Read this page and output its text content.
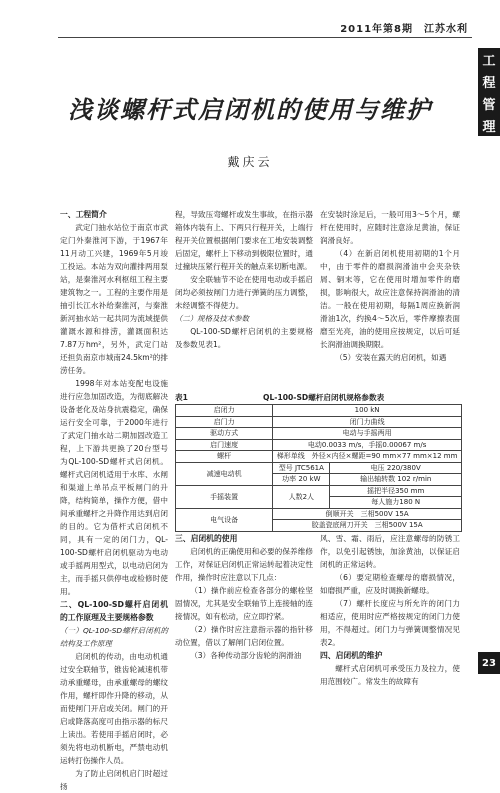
2011年第8期　江苏水利
工
程
管
理
浅谈螺杆式启闭机的使用与维护
戴庆云
一、工程简介

武定门抽水站位于南京市武定门外秦淮河下游，于1967年11月动工兴建，1969年5月竣工投运。本站为双向灌排两用泵站，是秦淮河水利枢纽工程主要建筑物之一。工程的主要作用是抽引长江水补给秦淮河，与秦淮新河抽水站一起共同为流域提供灌溉水源和排涝，灌溉面积达7.87万hm²，另外，武定门站还担负南京市城南24.5km²的排涝任务。

1998年对本站变配电设施进行应急加固改造，为彻底解决设备老化及站身抗震稳定，确保运行安全可靠，于2000年进行了武定门抽水站二期加固改造工程，上下游共更换了20台型号为QL-100-SD螺杆式启闭机。螺杆式启闭机适用于水库、水闸和渠道上单吊点平板闸门的升降，结构简单，操作方便，借中间承重螺杆之升降作用达到启闭的目的。它为借杆式启闭机不同，具有一定的闭门力，QL-100-SD螺杆启闭机驱动为电动或手摇两用型式，以电动启闭为主，而手摇只供停电或检修时使用。

二、QL-100-SD螺杆启闭机的工作原理及主要规格参数
（一）QL-100-SD螺杆启闭机的结构及工作原理

启闭机的传动，由电动机通过安全联轴节，锥齿轮减速机带动承重螺母，由承重螺母的螺纹作用，螺杆即作升降的移动，从而使闸门开启或关闭。闸门的开启或降落高度可由指示器的标尺上读出。若使用手摇启闭时，必须先将电动机断电，严禁电动机运转打伤操作人员。

为了防止启闭机启门时超过扬

程，导致压弯螺杆或发生事故，在指示器箱体内装有上、下两只行程开关，上端行程开关位置根据闸门要求在工地安装调整后固定，螺杆上下移动到极限位置时，通过撞块压紧行程开关的触点来切断电源。

安全联轴节不论在使用电动或手摇启闭均必须按闸门力进行弹簧的压力调整，未经调整不得使力。

（二）规格及技术参数

QL-100-SD螺杆启闭机的主要规格及参数见表1。

在安装时涂足后，一般可用3～5个月，螺杆在使用时，应随时注意涂足黄油，保证润滑良好。

（4）在新启闭机使用初期的1个月中，由于零件的磨损润滑油中会夹杂铁屑、铜末等，它在使用时增加零件的磨损，影响很大，故应注意保持润滑油的清洁。一般在使用初期，每隔1周应换新润滑油1次，约换4～5次后，零件摩擦表面磨至光亮，油的使用应按规定，以后可延长润滑油调换期限。

（5）安装在露天的启闭机，如遇

表1	QL-100-SD螺杆启闭机规格参数表
启闭力	100 kN	
启门力	闭门力曲线	
驱动方式	电动与手摇两用	
启门速度	电动0.0033 m/s，手摇0.00067 m/s	
螺杆	梯形单线　外径×内径×螺距=90 mm×77 mm×12 mm	
减速电动机	型号 JTC561A	电压 220/380V
	功率 20 kW	输出轴转数 102 r/min
手摇装置	人数2人	摇把半径350 mm
		每人施力180 N
电气设备	倒顺开关　三相500V 15A	
	胶盖瓷底闸刀开关　三相500V 15A	
三、启闭机的使用

启闭机的正确使用和必要的保养维修工作，对保证启闭机正常运转起着决定性作用，操作时应注意以下几点：

（1）操作前应检查各部分的螺栓坚固情况，尤其是安全联轴节上连接轴的连接情况，如有松动，应立即拧紧。

（2）操作时应注意指示器的指针移动位置，借以了解闸门启闭位置。

（3）各种传动部分齿轮的润滑油

风、雪、霜、雨后，应注意螺母的防锈工作，以免引起锈蚀，加涂黄油，以保证启闭机的正常运转。

（6）要定期检查螺母的磨损情况，如磨损严重，应及时调换新螺母。

（7）螺杆长度应与所允许的闭门力相适应，使用时应严格按规定的闭门力使用，不得超过。闭门力与弹簧调整情况见表2。

四、启闭机的维护

螺杆式启闭机可承受压力及拉力，使用范围较广。常发生的故障有

23
